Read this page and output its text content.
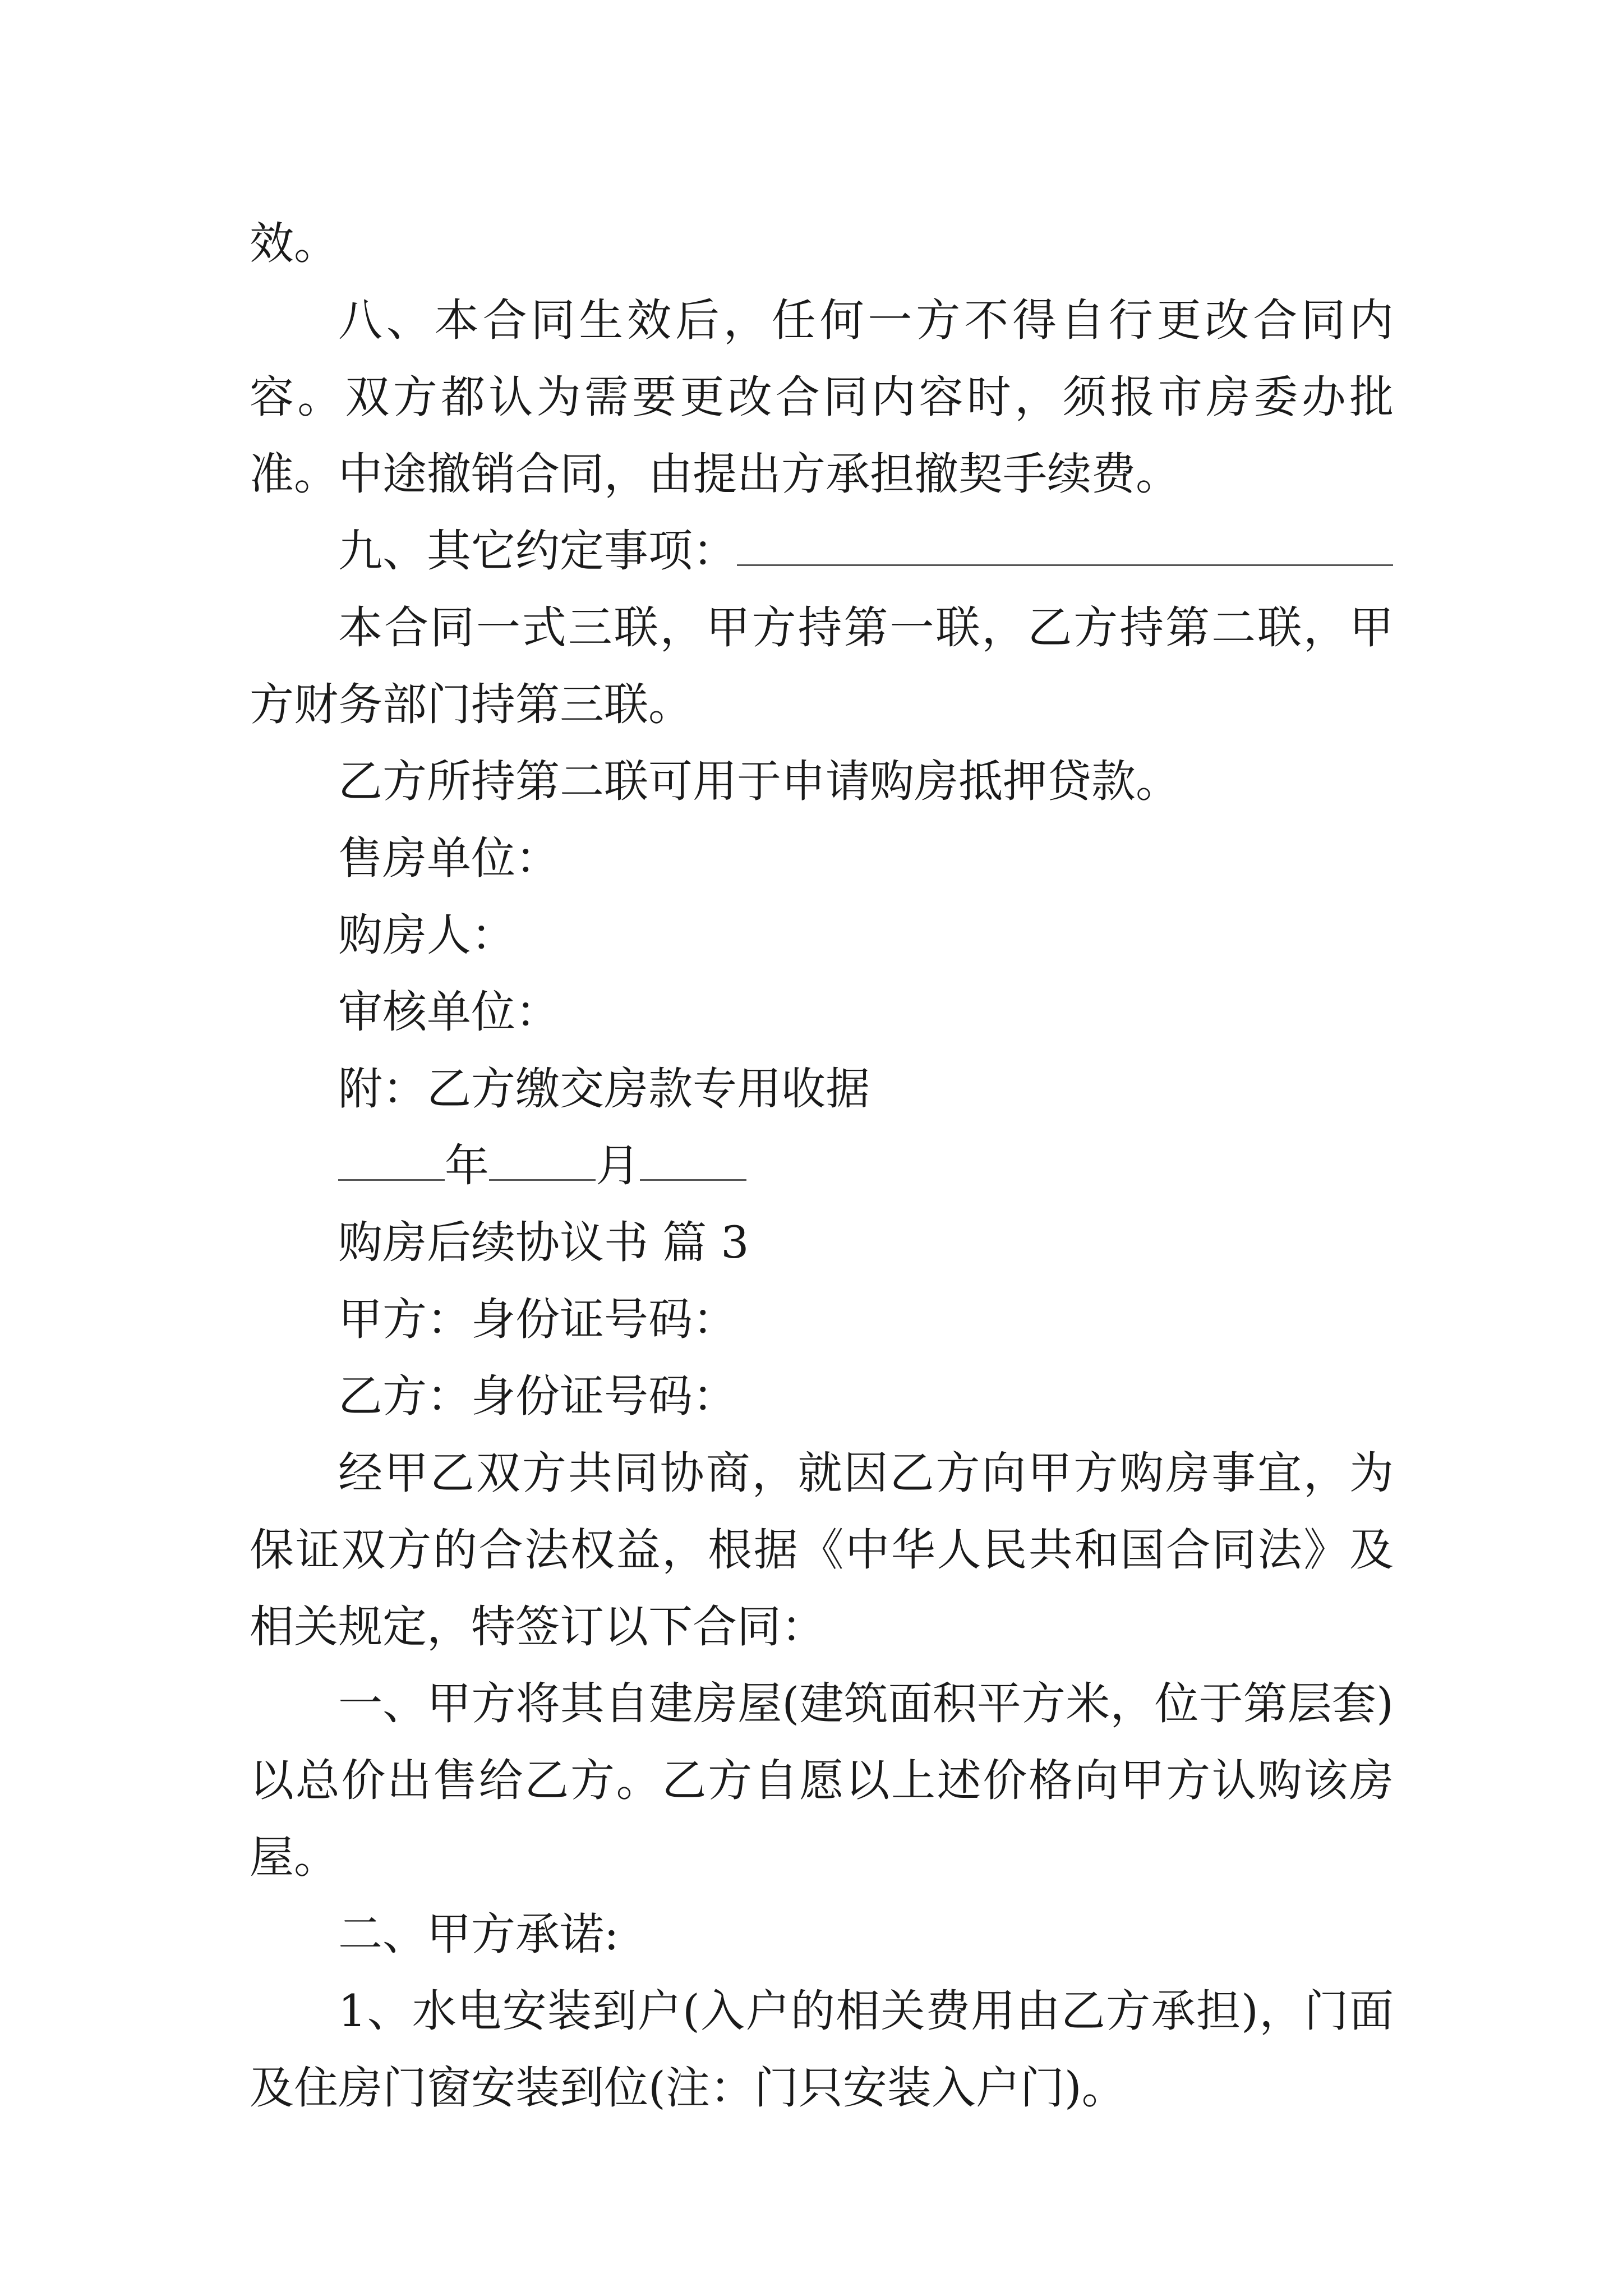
效。

八、本合同生效后，任何一方不得自行更改合同内容。双方都认为需要更改合同内容时，须报市房委办批准。中途撤销合同，由提出方承担撤契手续费。

九、其它约定事项：

本合同一式三联，甲方持第一联，乙方持第二联，甲方财务部门持第三联。

乙方所持第二联可用于申请购房抵押贷款。

售房单位：

购房人：

审核单位：

附：乙方缴交房款专用收据

年 月

购房后续协议书 篇 3

甲方：身份证号码：

乙方：身份证号码：

经甲乙双方共同协商，就因乙方向甲方购房事宜，为保证双方的合法权益，根据《中华人民共和国合同法》及相关规定，特签订以下合同：

一、甲方将其自建房屋(建筑面积平方米，位于第层套)以总价出售给乙方。乙方自愿以上述价格向甲方认购该房屋。

二、甲方承诺:

1、水电安装到户(入户的相关费用由乙方承担)，门面及住房门窗安装到位(注：门只安装入户门)。
